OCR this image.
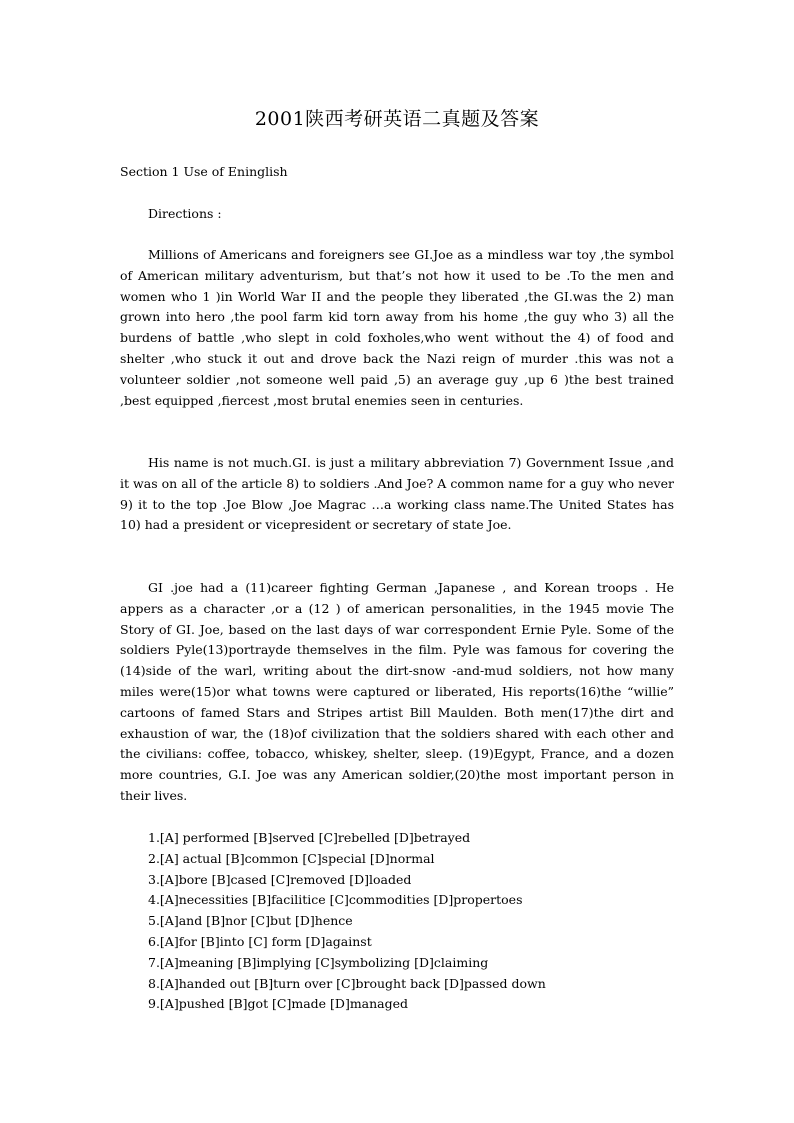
2001陕西考研英语二真题及答案
Section 1 Use of Eninglish
Directions :
Millions of Americans and foreigners see GI.Joe as a mindless war toy ,the symbol of American military adventurism, but that’s not how it used to be .To the men and women who 1 )in World War II and the people they liberated ,the GI.was the 2) man grown into hero ,the pool farm kid torn away from his home ,the guy who 3) all the burdens of battle ,who slept in cold foxholes,who went without the 4) of food and shelter ,who stuck it out and drove back the Nazi reign of murder .this was not a volunteer soldier ,not someone well paid ,5) an average guy ,up 6 )the best trained ,best equipped ,fiercest ,most brutal enemies seen in centuries.
His name is not much.GI. is just a military abbreviation 7) Government Issue ,and it was on all of the article 8) to soldiers .And Joe? A common name for a guy who never 9) it to the top .Joe Blow ,Joe Magrac …a working class name.The United States has 10) had a president or vicepresident or secretary of state Joe.
GI .joe had a (11)career fighting German ,Japanese , and Korean troops . He appers as a character ,or a (12 ) of american personalities, in the 1945 movie The Story of GI. Joe, based on the last days of war correspondent Ernie Pyle. Some of the soldiers Pyle(13)portrayde themselves in the film. Pyle was famous for covering the (14)side of the warl, writing about the dirt-snow -and-mud soldiers, not how many miles were(15)or what towns were captured or liberated, His reports(16)the “willie” cartoons of famed Stars and Stripes artist Bill Maulden. Both men(17)the dirt and exhaustion of war, the (18)of civilization that the soldiers shared with each other and the civilians: coffee, tobacco, whiskey, shelter, sleep. (19)Egypt, France, and a dozen more countries, G.I. Joe was any American soldier,(20)the most important person in their lives.
1.[A] performed [B]served [C]rebelled [D]betrayed
2.[A] actual [B]common [C]special [D]normal
3.[A]bore [B]cased [C]removed [D]loaded
4.[A]necessities [B]facilitice [C]commodities [D]propertoes
5.[A]and [B]nor [C]but [D]hence
6.[A]for [B]into [C] form [D]against
7.[A]meaning [B]implying [C]symbolizing [D]claiming
8.[A]handed out [B]turn over [C]brought back [D]passed down
9.[A]pushed [B]got [C]made [D]managed
